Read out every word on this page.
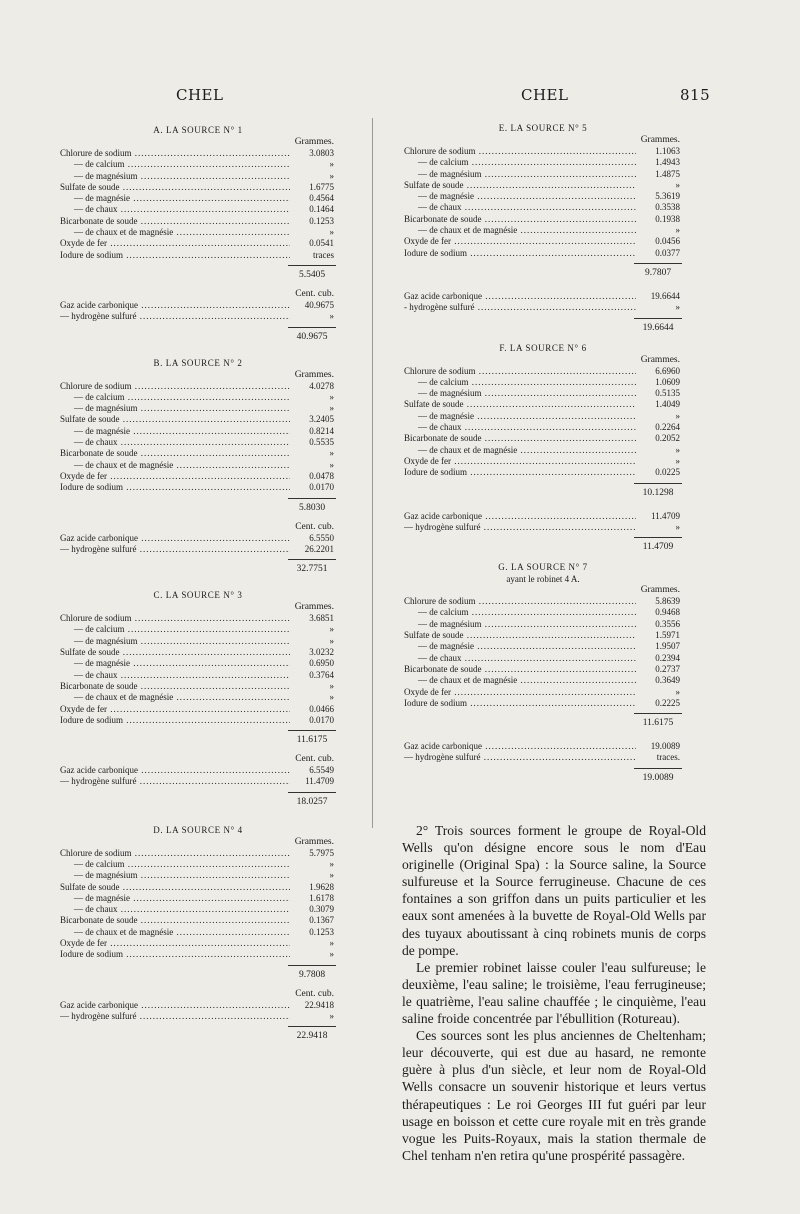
CHEL	CHEL	815
A. LA SOURCE N° 1
Grammes.
Chlorure de sodium .....	3.0803
— de calcium .....	»
— de magnésium .....	»
Sulfate de soude .....	1.6775
— de magnésie .....	0.4564
— de chaux .....	0.1464
Bicarbonate de soude .....	0.1253
— de chaux et de magnésie .....	»
Oxyde de fer .....	0.0541
Iodure de sodium .....	traces
5.5405
Cent. cub.
Gaz acide carbonique .....	40.9675
— hydrogène sulfuré .....	»
40.9675
B. LA SOURCE N° 2
Grammes.
Chlorure de sodium .....	4.0278
— de calcium .....	»
— de magnésium .....	»
Sulfate de soude .....	3.2405
— de magnésie .....	0.8214
— de chaux .....	0.5535
Bicarbonate de soude .....	»
— de chaux et de magnésie .....	»
Oxyde de fer .....	0.0478
Iodure de sodium .....	0.0170
5.8030
Cent. cub.
Gaz acide carbonique .....	6.5550
— hydrogène sulfuré .....	26.2201
32.7751
C. LA SOURCE N° 3
Grammes.
Chlorure de sodium .....	3.6851
— de calcium .....	»
— de magnésium .....	»
Sulfate de soude .....	3.0232
— de magnésie .....	0.6950
— de chaux .....	0.3764
Bicarbonate de soude .....	»
— de chaux et de magnésie .....	»
Oxyde de fer .....	0.0466
Iodure de sodium .....	0.0170
11.6175
Cent. cub.
Gaz acide carbonique .....	6.5549
— hydrogène sulfuré .....	11.4709
18.0257
D. LA SOURCE N° 4
Grammes.
Chlorure de sodium .....	5.7975
— de calcium .....	»
— de magnésium .....	»
Sulfate de soude .....	1.9628
— de magnésie .....	1.6178
— de chaux .....	0.3079
Bicarbonate de soude .....	0.1367
— de chaux et de magnésie .....	0.1253
Oxyde de fer .....	»
Iodure de sodium .....	»
9.7808
Cent. cub.
Gaz acide carbonique .....	22.9418
— hydrogène sulfuré .....	»
22.9418
E. LA SOURCE N° 5
Grammes.
Chlorure de sodium .....	1.1063
— de calcium .....	1.4943
— de magnésium .....	1.4875
Sulfate de soude .....	»
— de magnésie .....	5.3619
— de chaux .....	0.3538
Bicarbonate de soude .....	0.1938
— de chaux et de magnésie .....	»
Oxyde de fer .....	0.0456
Iodure de sodium .....	0.0377
9.7807
Gaz acide carbonique .....	19.6644
- hydrogène sulfuré .....	»
19.6644
F. LA SOURCE N° 6
Grammes.
Chlorure de sodium .....	6.6960
— de calcium .....	1.0609
— de magnésium .....	0.5135
Sulfate de soude .....	1.4049
— de magnésie .....	»
— de chaux .....	0.2264
Bicarbonate de soude .....	0.2052
— de chaux et de magnésie .....	»
Oxyde de fer .....	»
Iodure de sodium .....	0.0225
10.1298
Gaz acide carbonique .....	11.4709
— hydrogène sulfuré .....	»
11.4709
G. LA SOURCE N° 7
ayant le robinet 4 A.
Grammes.
Chlorure de sodium .....	5.8639
— de calcium .....	0.9468
— de magnésium .....	0.3556
Sulfate de soude .....	1.5971
— de magnésie .....	1.9507
— de chaux .....	0.2394
Bicarbonate de soude .....	0.2737
— de chaux et de magnésie .....	0.3649
Oxyde de fer .....	»
Iodure de sodium .....	0.2225
11.6175
Gaz acide carbonique .....	19.0089
— hydrogène sulfuré .....	traces.
19.0089

2° Trois sources forment le groupe de Royal-Old Wells qu'on désigne encore sous le nom d'Eau originelle (Original Spa) : la Source saline, la Source sulfureuse et la Source ferrugineuse. Chacune de ces fontaines a son griffon dans un puits particulier et les eaux sont amenées à la buvette de Royal-Old Wells par des tuyaux aboutissant à cinq robinets munis de corps de pompe.

Le premier robinet laisse couler l'eau sulfureuse; le deuxième, l'eau saline; le troisième, l'eau ferrugineuse; le quatrième, l'eau saline chauffée ; le cinquième, l'eau saline froide concentrée par l'ébullition (Rotureau).

Ces sources sont les plus anciennes de Cheltenham; leur découverte, qui est due au hasard, ne remonte guère à plus d'un siècle, et leur nom de Royal-Old Wells consacre un souvenir historique et leurs vertus thérapeutiques : Le roi Georges III fut guéri par leur usage en boisson et cette cure royale mit en très grande vogue les Puits-Royaux, mais la station thermale de Chel tenham n'en retira qu'une prospérité passagère.
